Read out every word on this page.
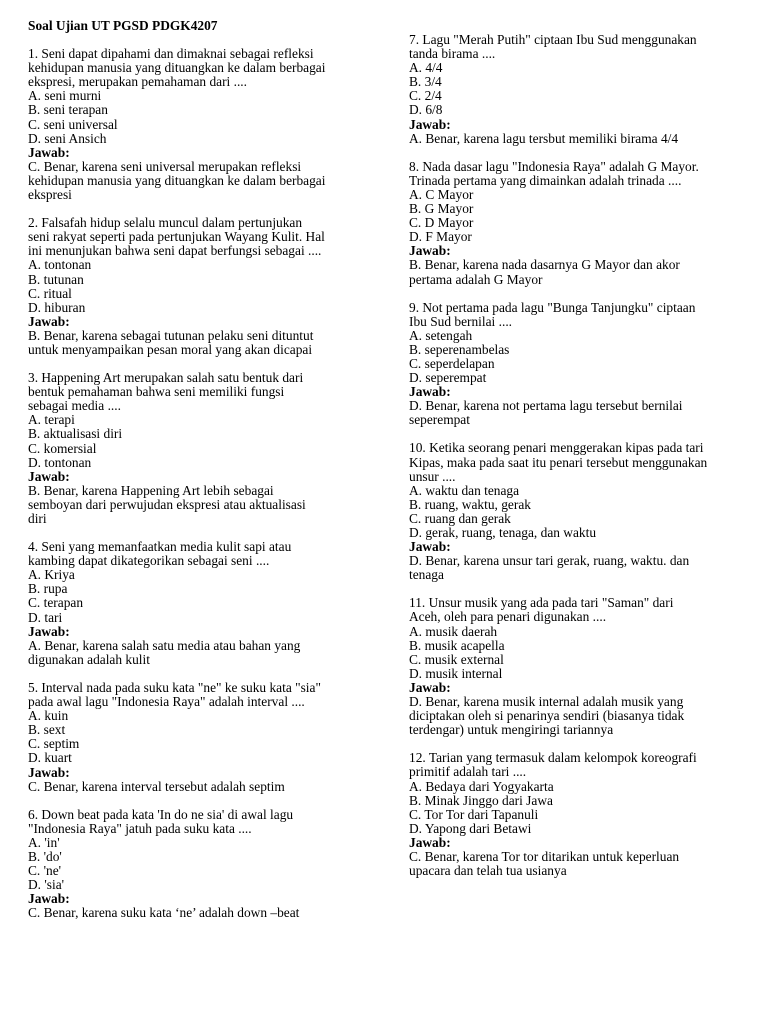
Soal Ujian UT PGSD PDGK4207

1. Seni dapat dipahami dan dimaknai sebagai refleksi

kehidupan manusia yang dituangkan ke dalam berbagai

ekspresi, merupakan pemahaman dari ....

A. seni murni

B. seni terapan

C. seni universal

D. seni Ansich

Jawab:

C. Benar, karena seni universal merupakan refleksi

kehidupan manusia yang dituangkan ke dalam berbagai

ekspresi

2. Falsafah hidup selalu muncul dalam pertunjukan

seni rakyat seperti pada pertunjukan Wayang Kulit. Hal

ini menunjukan bahwa seni dapat berfungsi sebagai ....

A. tontonan

B. tutunan

C. ritual

D. hiburan

Jawab:

B. Benar, karena sebagai tutunan pelaku seni dituntut

untuk menyampaikan pesan moral yang akan dicapai

3. Happening Art merupakan salah satu bentuk dari

bentuk pemahaman bahwa seni memiliki fungsi

sebagai media ....

A. terapi

B. aktualisasi diri

C. komersial

D. tontonan

Jawab:

B. Benar, karena Happening Art lebih sebagai

semboyan dari perwujudan ekspresi atau aktualisasi

diri

4. Seni yang memanfaatkan media kulit sapi atau

kambing dapat dikategorikan sebagai seni ....

A. Kriya

B. rupa

C. terapan

D. tari

Jawab:

A. Benar, karena salah satu media atau bahan yang

digunakan adalah kulit

5. Interval nada pada suku kata "ne" ke suku kata "sia"

pada awal lagu "Indonesia Raya" adalah interval ....

A. kuin

B. sext

C. septim

D. kuart

Jawab:

C. Benar, karena interval tersebut adalah septim

6. Down beat pada kata 'In do ne sia' di awal lagu

"Indonesia Raya" jatuh pada suku kata ....

A. 'in'

B. 'do'

C. 'ne'

D. 'sia'

Jawab:

C. Benar, karena suku kata ‘ne’ adalah down –beat

7. Lagu "Merah Putih" ciptaan Ibu Sud menggunakan

tanda birama ....

A. 4/4

B. 3/4

C. 2/4

D. 6/8

Jawab:

A. Benar, karena lagu tersbut memiliki birama 4/4

8. Nada dasar lagu "Indonesia Raya" adalah G Mayor.

Trinada pertama yang dimainkan adalah trinada ....

A. C Mayor

B. G Mayor

C. D Mayor

D. F Mayor

Jawab:

B. Benar, karena nada dasarnya G Mayor dan akor

pertama adalah G Mayor

9. Not pertama pada lagu "Bunga Tanjungku" ciptaan

Ibu Sud bernilai ....

A. setengah

B. seperenambelas

C. seperdelapan

D. seperempat

Jawab:

D. Benar, karena not pertama lagu tersebut bernilai

seperempat

10. Ketika seorang penari menggerakan kipas pada tari

Kipas, maka pada saat itu penari tersebut menggunakan

unsur ....

A. waktu dan tenaga

B. ruang, waktu, gerak

C. ruang dan gerak

D. gerak, ruang, tenaga, dan waktu

Jawab:

D. Benar, karena unsur tari gerak, ruang, waktu. dan

tenaga

11. Unsur musik yang ada pada tari "Saman" dari

Aceh, oleh para penari digunakan ....

A. musik daerah

B. musik acapella

C. musik external

D. musik internal

Jawab:

D. Benar, karena musik internal adalah musik yang

diciptakan oleh si penarinya sendiri (biasanya tidak

terdengar) untuk mengiringi tariannya

12. Tarian yang termasuk dalam kelompok koreografi

primitif adalah tari ....

A. Bedaya dari Yogyakarta

B. Minak Jinggo dari Jawa

C. Tor Tor dari Tapanuli

D. Yapong dari Betawi

Jawab:

C. Benar, karena Tor tor ditarikan untuk keperluan

upacara dan telah tua usianya
